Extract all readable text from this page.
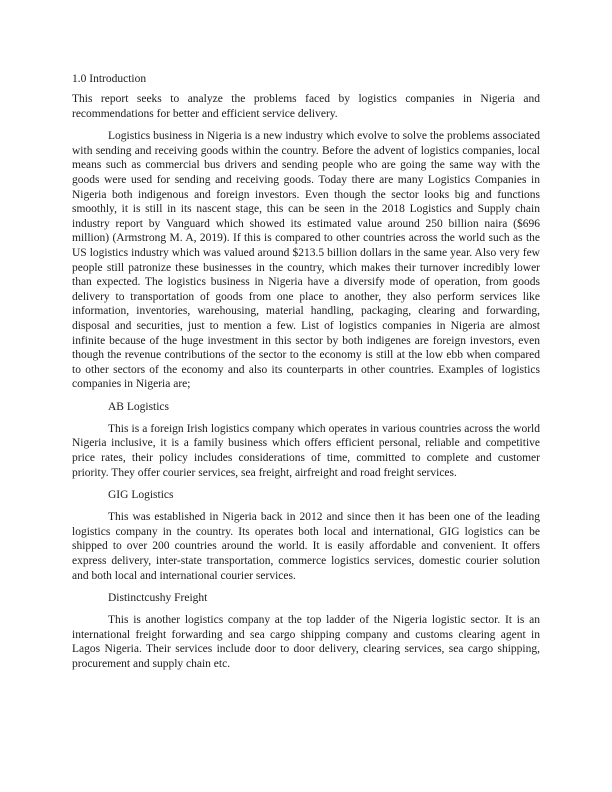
1.0 Introduction

This report seeks to analyze the problems faced by logistics companies in Nigeria and recommendations for better and efficient service delivery.

Logistics business in Nigeria is a new industry which evolve to solve the problems associated with sending and receiving goods within the country. Before the advent of logistics companies, local means such as commercial bus drivers and sending people who are going the same way with the goods were used for sending and receiving goods. Today there are many Logistics Companies in Nigeria both indigenous and foreign investors. Even though the sector looks big and functions smoothly, it is still in its nascent stage, this can be seen in the 2018 Logistics and Supply chain industry report by Vanguard which showed its estimated value around 250 billion naira ($696 million) (Armstrong M. A, 2019). If this is compared to other countries across the world such as the US logistics industry which was valued around $213.5 billion dollars in the same year. Also very few people still patronize these businesses in the country, which makes their turnover incredibly lower than expected. The logistics business in Nigeria have a diversify mode of operation, from goods delivery to transportation of goods from one place to another, they also perform services like information, inventories, warehousing, material handling, packaging, clearing and forwarding, disposal and securities, just to mention a few. List of logistics companies in Nigeria are almost infinite because of the huge investment in this sector by both indigenes are foreign investors, even though the revenue contributions of the sector to the economy is still at the low ebb when compared to other sectors of the economy and also its counterparts in other countries. Examples of logistics companies in Nigeria are;

AB Logistics

This is a foreign Irish logistics company which operates in various countries across the world Nigeria inclusive, it is a family business which offers efficient personal, reliable and competitive price rates, their policy includes considerations of time, committed to complete and customer priority. They offer courier services, sea freight, airfreight and road freight services.

GIG Logistics

This was established in Nigeria back in 2012 and since then it has been one of the leading logistics company in the country. Its operates both local and international, GIG logistics can be shipped to over 200 countries around the world. It is easily affordable and convenient. It offers express delivery, inter-state transportation, commerce logistics services, domestic courier solution and both local and international courier services.

Distinctcushy Freight

This is another logistics company at the top ladder of the Nigeria logistic sector. It is an international freight forwarding and sea cargo shipping company and customs clearing agent in Lagos Nigeria. Their services include door to door delivery, clearing services, sea cargo shipping, procurement and supply chain etc.
